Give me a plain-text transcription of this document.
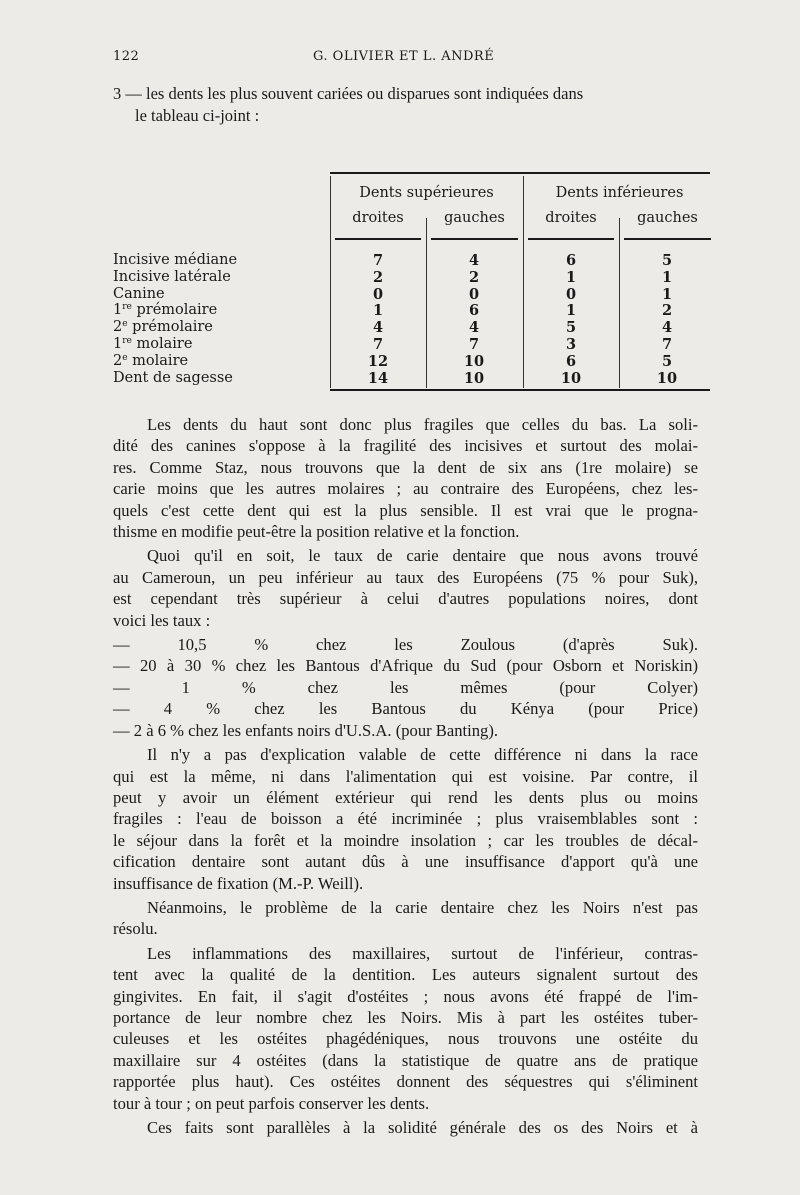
122	G. OLIVIER ET L. ANDRÉ
3 — les dents les plus souvent cariées ou disparues sont indiquées dans
le tableau ci-joint :
Dents supérieures	Dents inférieures
droites	gauches	droites	gauches
Incisive médiane	7	4	6	5
Incisive latérale	2	2	1	1
Canine	0	0	0	1
1re prémolaire	1	6	1	2
2e prémolaire	4	4	5	4
1re molaire	7	7	3	7
2e molaire	12	10	6	5
Dent de sagesse	14	10	10	10
Les dents du haut sont donc plus fragiles que celles du bas. La soli-
dité des canines s'oppose à la fragilité des incisives et surtout des molai-
res. Comme Staz, nous trouvons que la dent de six ans (1re molaire) se
carie moins que les autres molaires ; au contraire des Européens, chez les-
quels c'est cette dent qui est la plus sensible. Il est vrai que le progna-
thisme en modifie peut-être la position relative et la fonction.
Quoi qu'il en soit, le taux de carie dentaire que nous avons trouvé
au Cameroun, un peu inférieur au taux des Européens (75 % pour Suk),
est cependant très supérieur à celui d'autres populations noires, dont
voici les taux :
— 10,5 % chez les Zoulous (d'après Suk).
— 20 à 30 % chez les Bantous d'Afrique du Sud (pour Osborn et Noriskin)
— 1 % chez les mêmes (pour Colyer)
— 4 % chez les Bantous du Kénya (pour Price)
— 2 à 6 % chez les enfants noirs d'U.S.A. (pour Banting).
Il n'y a pas d'explication valable de cette différence ni dans la race
qui est la même, ni dans l'alimentation qui est voisine. Par contre, il
peut y avoir un élément extérieur qui rend les dents plus ou moins
fragiles : l'eau de boisson a été incriminée ; plus vraisemblables sont :
le séjour dans la forêt et la moindre insolation ; car les troubles de décal-
cification dentaire sont autant dûs à une insuffisance d'apport qu'à une
insuffisance de fixation (M.-P. Weill).
Néanmoins, le problème de la carie dentaire chez les Noirs n'est pas
résolu.
Les inflammations des maxillaires, surtout de l'inférieur, contras-
tent avec la qualité de la dentition. Les auteurs signalent surtout des
gingivites. En fait, il s'agit d'ostéites ; nous avons été frappé de l'im-
portance de leur nombre chez les Noirs. Mis à part les ostéites tuber-
culeuses et les ostéites phagédéniques, nous trouvons une ostéite du
maxillaire sur 4 ostéites (dans la statistique de quatre ans de pratique
rapportée plus haut). Ces ostéites donnent des séquestres qui s'éliminent
tour à tour ; on peut parfois conserver les dents.
Ces faits sont parallèles à la solidité générale des os des Noirs et à
